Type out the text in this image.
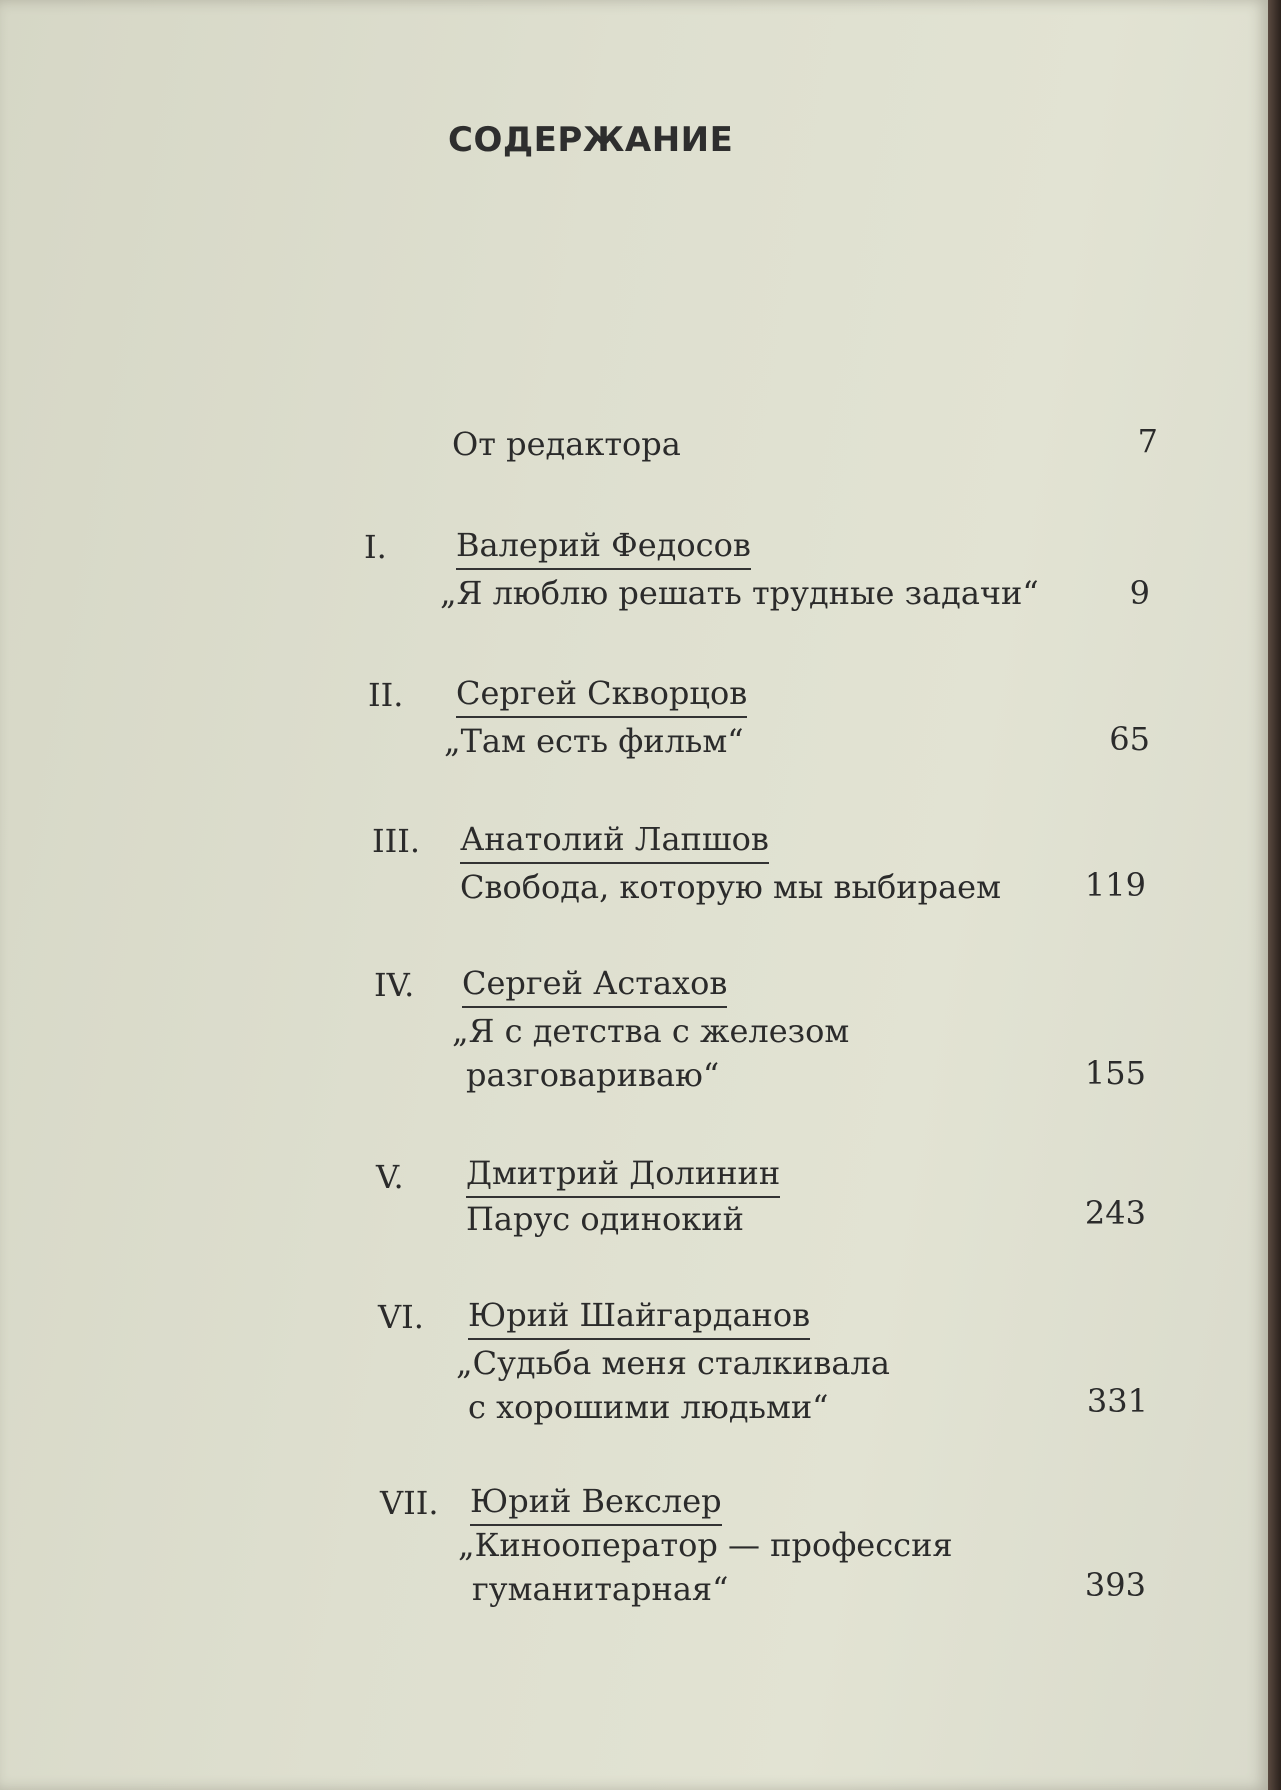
СОДЕРЖАНИЕ
От редактора	7
I. Валерий Федосов
„Я люблю решать трудные задачи“	9
II. Сергей Скворцов
„Там есть фильм“	65
III. Анатолий Лапшов
Свобода, которую мы выбираем	119
IV. Сергей Астахов
„Я с детства с железом
разговариваю“	155
V. Дмитрий Долинин
Парус одинокий	243
VI. Юрий Шайгарданов
„Судьба меня сталкивала
с хорошими людьми“	331
VII. Юрий Векслер
„Кинооператор — профессия
гуманитарная“	393
